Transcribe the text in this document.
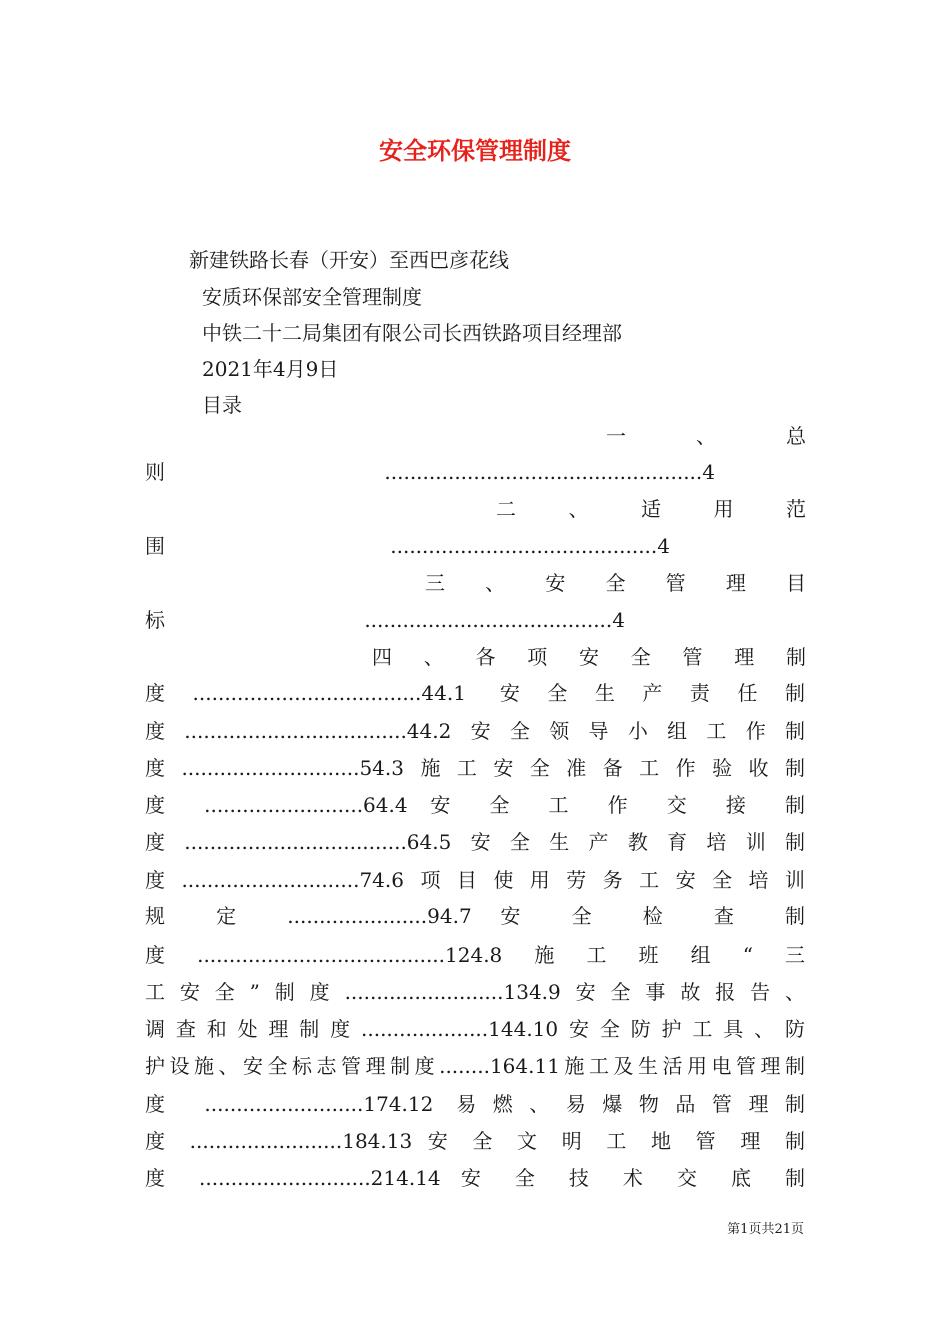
安全环保管理制度
新建铁路长春（开安）至西巴彦花线
安质环保部安全管理制度
中铁二十二局集团有限公司长西铁路项目经理部
2021年4月9日
目录
一 、 总
则..................................................4
二 、 适 用 范
围..........................................4
三 、 安 全 管 理 目
标.......................................4
四 、 各 项 安 全 管 理 制
度....................................44.1 安全生产责任制
度...................................44.2安全领导小组工作制
度............................54.3施工安全准备工作验收制
度 .........................64.4 安 全 工 作 交 接 制
度...................................64.5安全生产教育培训制
度............................74.6项目使用劳务工安全培训
规 定 ......................94.7 安 全 检 查 制
度.......................................124.8施工班组“三
工安全”制度.........................134.9安全事故报告、
调查和处理制度....................144.10安全防护工具、防
护设施、安全标志管理制度........164.11施工及生活用电管理制
度 .........................174.12 易燃、易爆物品管理制
度 ........................184.13 安 全 文 明 工 地 管 理 制
度 ...........................214.14 安 全 技 术 交 底 制
第1页共21页
